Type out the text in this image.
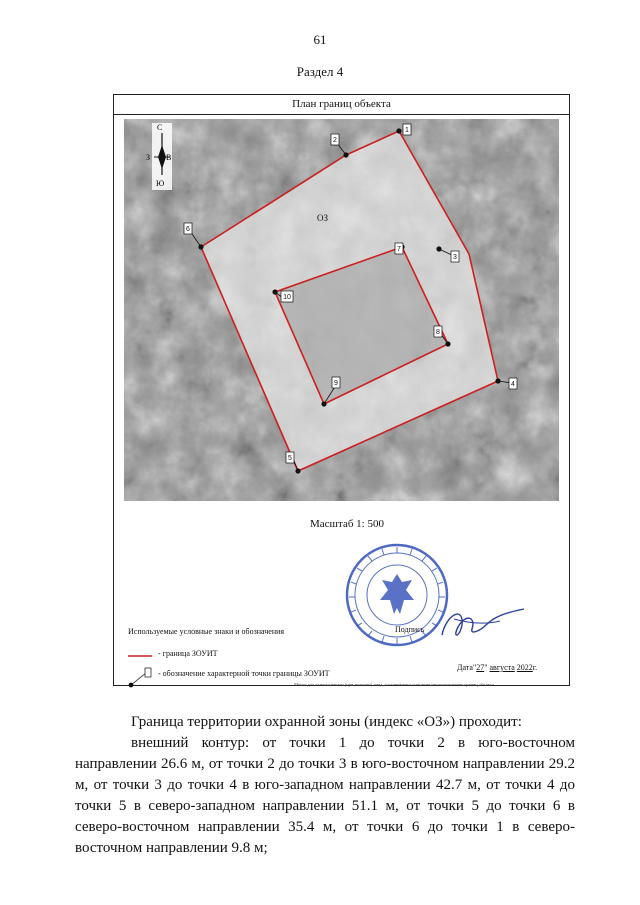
61
Раздел 4
План границ объекта
ОЗ
1
2
3
4
5
6
7
8
9
10
С
Ю
З В
Масштаб 1: 500
Используемые условные знаки и обозначения
- граница ЗОУИТ
- обозначение характерной точки границы ЗОУИТ
Подпись
Дата"27" августа 2022г.
Место для оттиска печати (при наличии) лица, составившего описание местоположения границ объекта
Граница территории охранной зоны (индекс «ОЗ») проходит:
внешний контур: от точки 1 до точки 2 в юго-восточном направлении 26.6 м, от точки 2 до точки 3 в юго-восточном направлении 29.2 м, от точки 3 до точки 4 в юго-западном направлении 42.7 м, от точки 4 до точки 5 в северо-западном направлении 51.1 м, от точки 5 до точки 6 в северо-восточном направлении 35.4 м, от точки 6 до точки 1 в северо-восточном направлении 9.8 м;
